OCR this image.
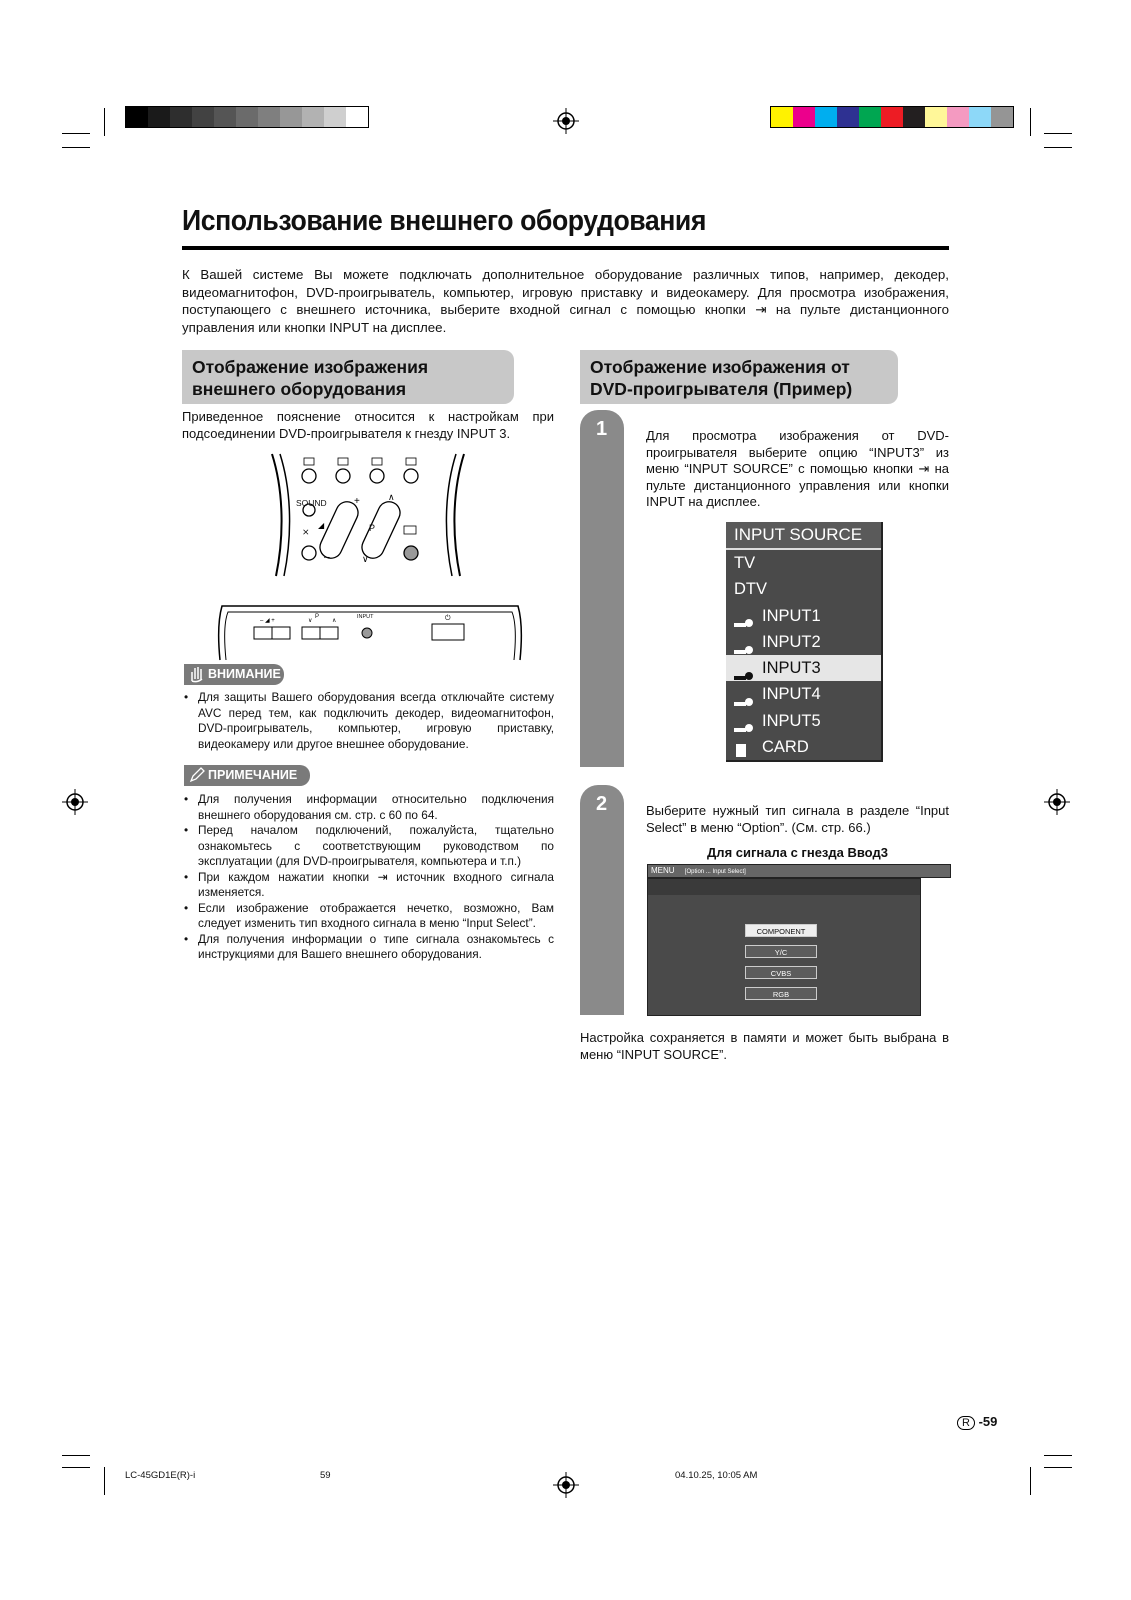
Использование внешнего оборудования
К Вашей системе Вы можете подключать дополнительное оборудование различных типов, например, декодер, видеомагнитофон, DVD-проигрыватель, компьютер, игровую приставку и видеокамеру. Для просмотра изображения, поступающего с внешнего источника, выберите входной сигнал с помощью кнопки ⇥ на пульте дистанционного управления или кнопки INPUT на дисплее.
Отображение изображения внешнего оборудования
Приведенное пояснение относится к настройкам при подсоединении DVD-проигрывателя к гнезду INPUT 3.
+
–
◢
∧
∨
⨯
SOUND
P
– ◢ +	∨	∧	⏻
INPUT
P
ВНИМАНИЕ
• Для защиты Вашего оборудования всегда отключайте систему AVC перед тем, как подключить декодер, видеомагнитофон, DVD-проигрыватель, компьютер, игровую приставку, видеокамеру или другое внешнее оборудование.
ПРИМЕЧАНИЕ
• Для получения информации относительно подключения внешнего оборудования см. стр. с 60 по 64.
• Перед началом подключений, пожалуйста, тщательно ознакомьтесь с соответствующим руководством по эксплуатации (для DVD-проигрывателя, компьютера и т.п.)
• При каждом нажатии кнопки ⇥ источник входного сигнала изменяется.
• Если изображение отображается нечетко, возможно, Вам следует изменить тип входного сигнала в меню “Input Select”.
• Для получения информации о типе сигнала ознакомьтесь с инструкциями для Вашего внешнего оборудования.
Отображение изображения от DVD-проигрывателя (Пример)
1	Для просмотра изображения от DVD-проигрывателя выберите опцию “INPUT3” из меню “INPUT SOURCE” с помощью кнопки ⇥ на пульте дистанционного управления или кнопки INPUT на дисплее.
INPUT SOURCE
TV
DTV
INPUT1
INPUT2
INPUT3
INPUT4
INPUT5
CARD
2	Выберите нужный тип сигнала в разделе “Input Select” в меню “Option”. (См. стр. 66.)
Для сигнала с гнезда Ввод3
MENU [Option ... Input Select]
COMPONENT
Y/C
CVBS
RGB
Настройка сохраняется в памяти и может быть выбрана в меню “INPUT SOURCE”.
R -59
LC-45GD1E(R)-i	59	04.10.25, 10:05 AM
